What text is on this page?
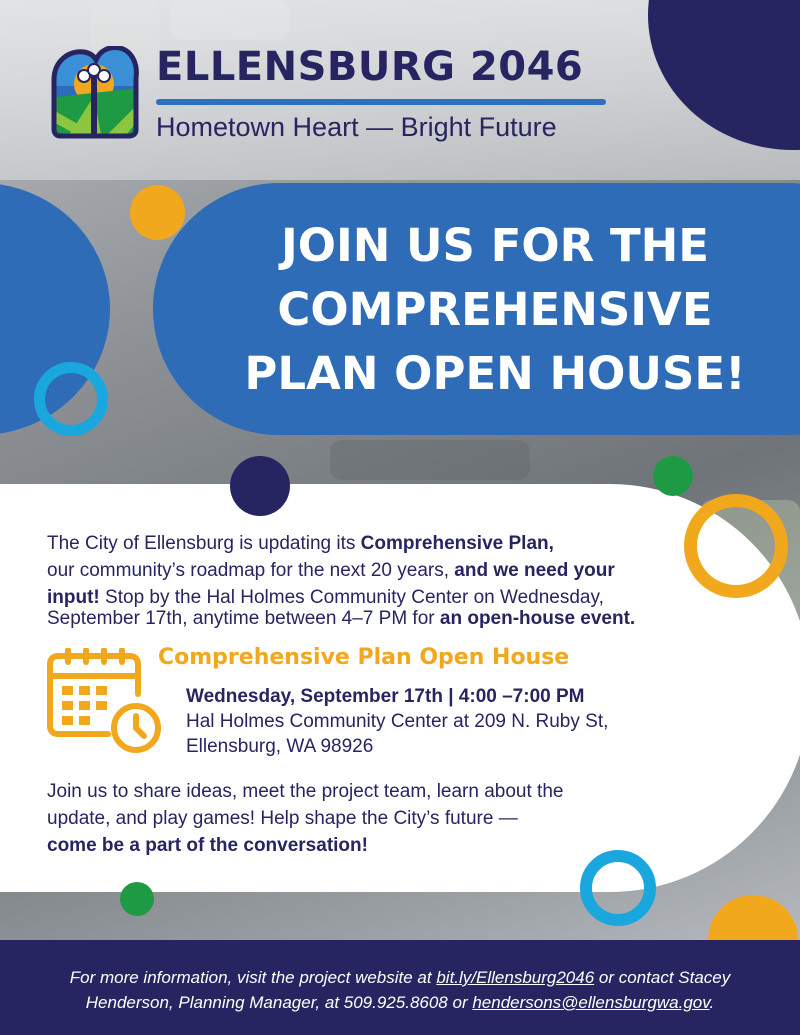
ELLENSBURG 2046
Hometown Heart — Bright Future
JOIN US FOR THE
COMPREHENSIVE
PLAN OPEN HOUSE!
The City of Ellensburg is updating its Comprehensive Plan,
our community’s roadmap for the next 20 years, and we need your
input! Stop by the Hal Holmes Community Center on Wednesday,
September 17th, anytime between 4–7 PM for an open-house event.
Comprehensive Plan Open House
Wednesday, September 17th | 4:00 –7:00 PM
Hal Holmes Community Center at 209 N. Ruby St,
Ellensburg, WA 98926
Join us to share ideas, meet the project team, learn about the
update, and play games! Help shape the City’s future —
come be a part of the conversation!
For more information, visit the project website at bit.ly/Ellensburg2046 or contact Stacey
Henderson, Planning Manager, at 509.925.8608 or hendersons@ellensburgwa.gov.
